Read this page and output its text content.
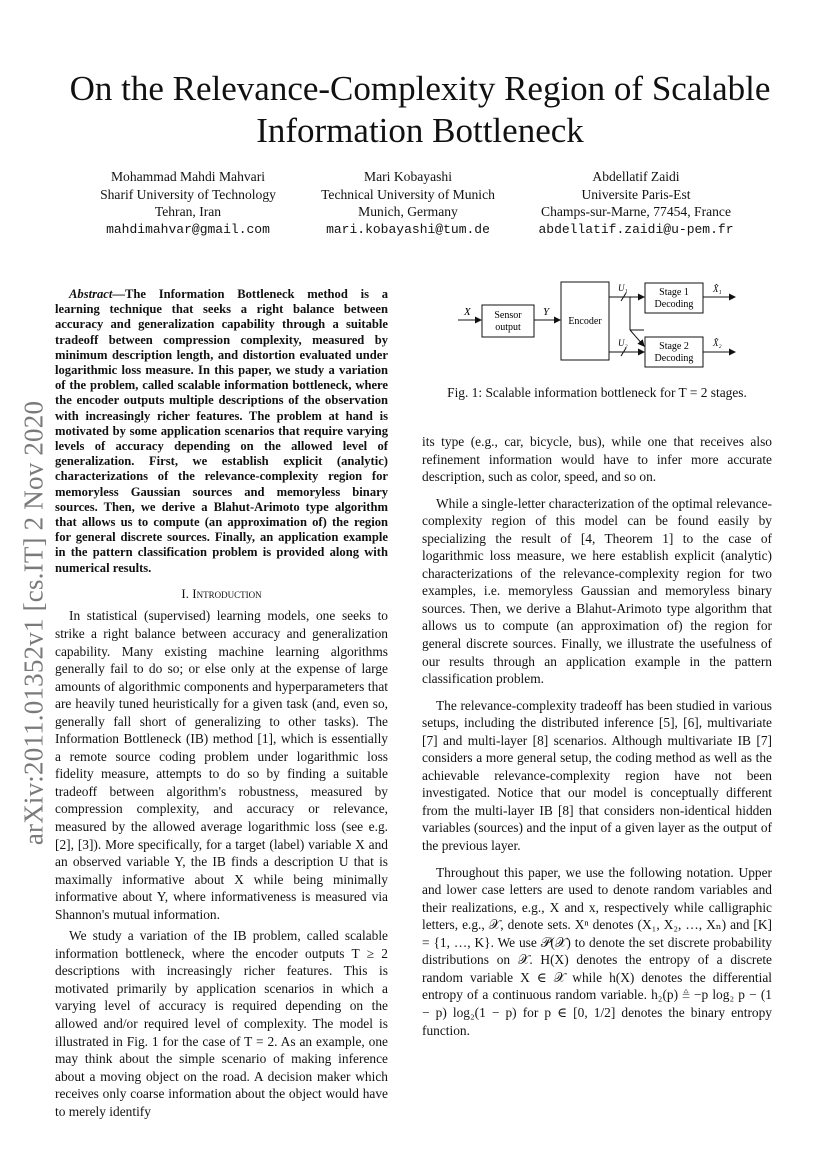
arXiv:2011.01352v1 [cs.IT] 2 Nov 2020
On the Relevance-Complexity Region of Scalable Information Bottleneck
Mohammad Mahdi Mahvari
Sharif University of Technology
Tehran, Iran
mahdimahvar@gmail.com
Mari Kobayashi
Technical University of Munich
Munich, Germany
mari.kobayashi@tum.de
Abdellatif Zaidi
Universite Paris-Est
Champs-sur-Marne, 77454, France
abdellatif.zaidi@u-pem.fr

Abstract—The Information Bottleneck method is a learning technique that seeks a right balance between accuracy and generalization capability through a suitable tradeoff between compression complexity, measured by minimum description length, and distortion evaluated under logarithmic loss measure. In this paper, we study a variation of the problem, called scalable information bottleneck, where the encoder outputs multiple descriptions of the observation with increasingly richer features. The problem at hand is motivated by some application scenarios that require varying levels of accuracy depending on the allowed level of generalization. First, we establish explicit (analytic) characterizations of the relevance-complexity region for memoryless Gaussian sources and memoryless binary sources. Then, we derive a Blahut-Arimoto type algorithm that allows us to compute (an approximation of) the region for general discrete sources. Finally, an application example in the pattern classification problem is provided along with numerical results.

I. Introduction

In statistical (supervised) learning models, one seeks to strike a right balance between accuracy and generalization capability. Many existing machine learning algorithms generally fail to do so; or else only at the expense of large amounts of algorithmic components and hyperparameters that are heavily tuned heuristically for a given task (and, even so, generally fall short of generalizing to other tasks). The Information Bottleneck (IB) method [1], which is essentially a remote source coding problem under logarithmic loss fidelity measure, attempts to do so by finding a suitable tradeoff between algorithm's robustness, measured by compression complexity, and accuracy or relevance, measured by the allowed average logarithmic loss (see e.g. [2], [3]). More specifically, for a target (label) variable X and an observed variable Y, the IB finds a description U that is maximally informative about X while being minimally informative about Y, where informativeness is measured via Shannon's mutual information.

We study a variation of the IB problem, called scalable information bottleneck, where the encoder outputs T ≥ 2 descriptions with increasingly richer features. This is motivated primarily by application scenarios in which a varying level of accuracy is required depending on the allowed and/or required level of complexity. The model is illustrated in Fig. 1 for the case of T = 2. As an example, one may think about the simple scenario of making inference about a moving object on the road. A decision maker which receives only coarse information about the object would have to merely identify

X Sensor
output
Y
Encoder
U₁
U₂
Stage 1
Decoding
Stage 2
Decoding
X̂₁
X̂₂
Fig. 1: Scalable information bottleneck for T = 2 stages.

its type (e.g., car, bicycle, bus), while one that receives also refinement information would have to infer more accurate description, such as color, speed, and so on.

While a single-letter characterization of the optimal relevance-complexity region of this model can be found easily by specializing the result of [4, Theorem 1] to the case of logarithmic loss measure, we here establish explicit (analytic) characterizations of the relevance-complexity region for two examples, i.e. memoryless Gaussian and memoryless binary sources. Then, we derive a Blahut-Arimoto type algorithm that allows us to compute (an approximation of) the region for general discrete sources. Finally, we illustrate the usefulness of our results through an application example in the pattern classification problem.

The relevance-complexity tradeoff has been studied in various setups, including the distributed inference [5], [6], multivariate [7] and multi-layer [8] scenarios. Although multivariate IB [7] considers a more general setup, the coding method as well as the achievable relevance-complexity region have not been investigated. Notice that our model is conceptually different from the multi-layer IB [8] that considers non-identical hidden variables (sources) and the input of a given layer as the output of the previous layer.

Throughout this paper, we use the following notation. Upper and lower case letters are used to denote random variables and their realizations, e.g., X and x, respectively while calligraphic letters, e.g., 𝒳, denote sets. Xⁿ denotes (X₁, X₂, …, Xₙ) and [K] = {1, …, K}. We use 𝒫(𝒳) to denote the set discrete probability distributions on 𝒳. H(X) denotes the entropy of a discrete random variable X ∈ 𝒳 while h(X) denotes the differential entropy of a continuous random variable. h₂(p) ≜ −p log₂ p − (1 − p) log₂(1 − p) for p ∈ [0, 1/2] denotes the binary entropy function.
